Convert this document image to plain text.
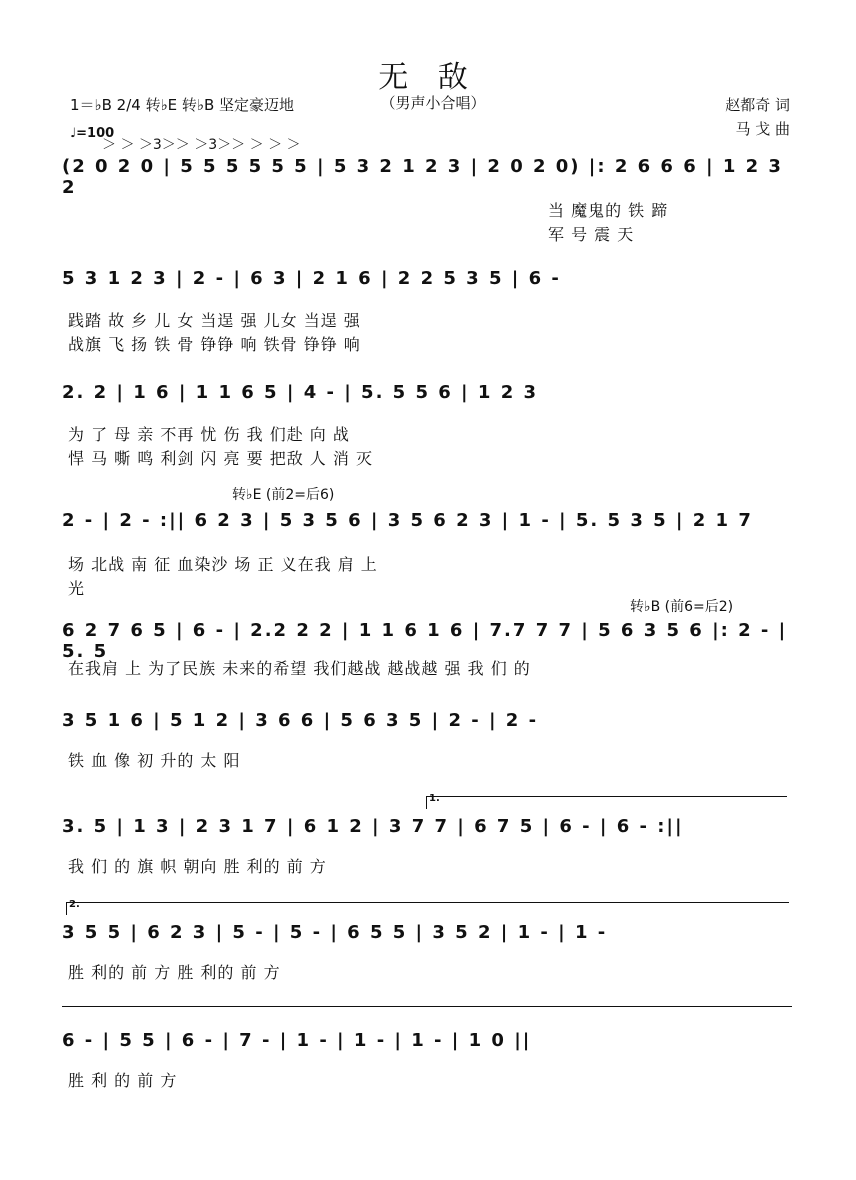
无 敌
（男声小合唱）
1＝♭B 2/4 转♭E 转♭B 坚定豪迈地
♩=100
赵都奇 词
马 戈 曲
＞ ＞ ＞3＞＞ ＞3＞＞ ＞ ＞ ＞
(2 0 2 0 | 5 5 5 5 5 5 | 5 3 2 1 2 3 | 2 0 2 0) |: 2 6 6 6 | 1 2 3 2
当 魔鬼的 铁 蹄
军 号 震 天
5 3 1 2 3 | 2 - | 6 3 | 2 1 6 | 2 2 5 3 5 | 6 -
践踏 故 乡 儿 女 当逞 强 儿女 当逞 强
战旗 飞 扬 铁 骨 铮铮 响 铁骨 铮铮 响
2. 2 | 1 6 | 1 1 6 5 | 4 - | 5. 5 5 6 | 1 2 3
为 了 母 亲 不再 忧 伤 我 们赴 向 战
悍 马 嘶 鸣 利剑 闪 亮 要 把敌 人 消 灭
转♭E (前2=后6)
2 - | 2 - :|| 6 2 3 | 5 3 5 6 | 3 5 6 2 3 | 1 - | 5. 5 3 5 | 2 1 7
场 北战 南 征 血染沙 场 正 义在我 肩 上
光
转♭B (前6=后2)
6 2 7 6 5 | 6 - | 2.2 2 2 | 1 1 6 1 6 | 7.7 7 7 | 5 6 3 5 6 |: 2 - | 5. 5
在我肩 上 为了民族 未来的希望 我们越战 越战越 强 我 们 的
3 5 1 6 | 5 1 2 | 3 6 6 | 5 6 3 5 | 2 - | 2 -
铁 血 像 初 升的 太 阳
1.
3. 5 | 1 3 | 2 3 1 7 | 6 1 2 | 3 7 7 | 6 7 5 | 6 - | 6 - :||
我 们 的 旗 帜 朝向 胜 利的 前 方
2.
3 5 5 | 6 2 3 | 5 - | 5 - | 6 5 5 | 3 5 2 | 1 - | 1 -
胜 利的 前 方 胜 利的 前 方
6 - | 5 5 | 6 - | 7 - | 1 - | 1 - | 1 - | 1 0 ||
胜 利 的 前 方
